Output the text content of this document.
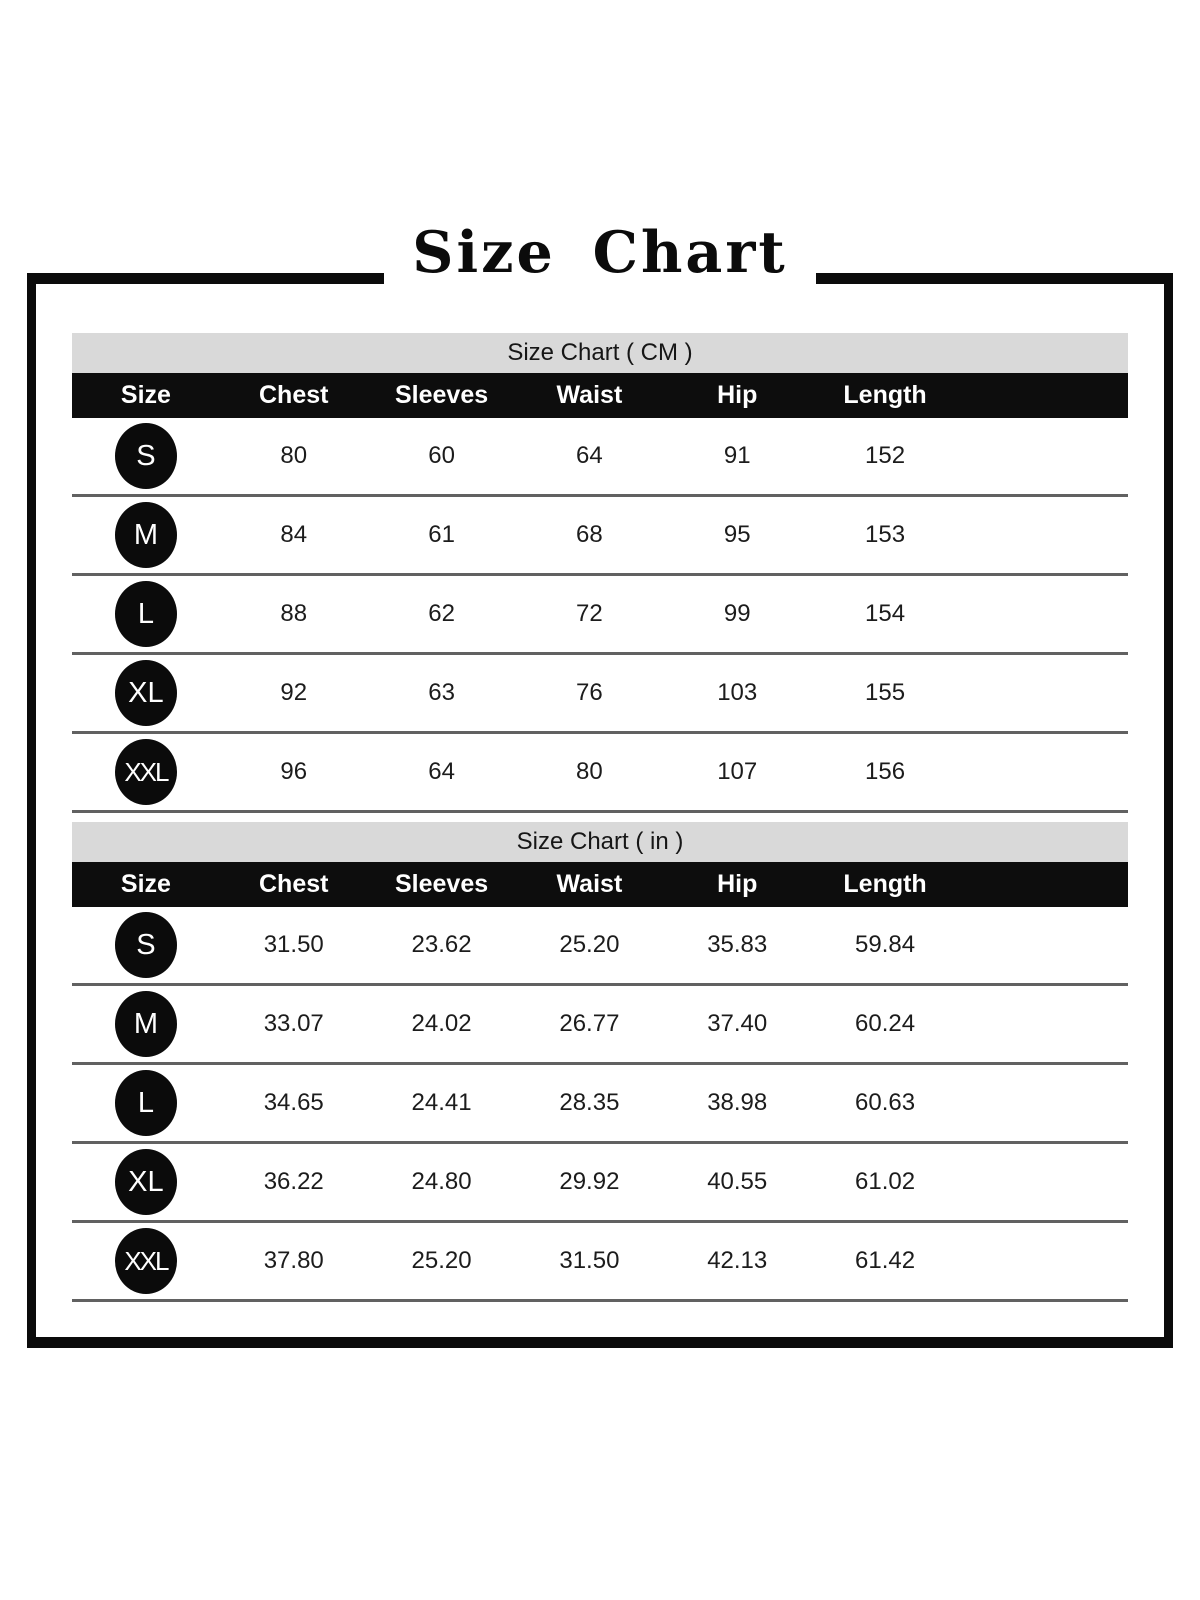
Size Chart
Size Chart ( CM )
Size	Chest	Sleeves	Waist	Hip	Length
S	80	60	64	91	152
M	84	61	68	95	153
L	88	62	72	99	154
XL	92	63	76	103	155
XXL	96	64	80	107	156
Size Chart ( in )
Size	Chest	Sleeves	Waist	Hip	Length
S	31.50	23.62	25.20	35.83	59.84
M	33.07	24.02	26.77	37.40	60.24
L	34.65	24.41	28.35	38.98	60.63
XL	36.22	24.80	29.92	40.55	61.02
XXL	37.80	25.20	31.50	42.13	61.42
